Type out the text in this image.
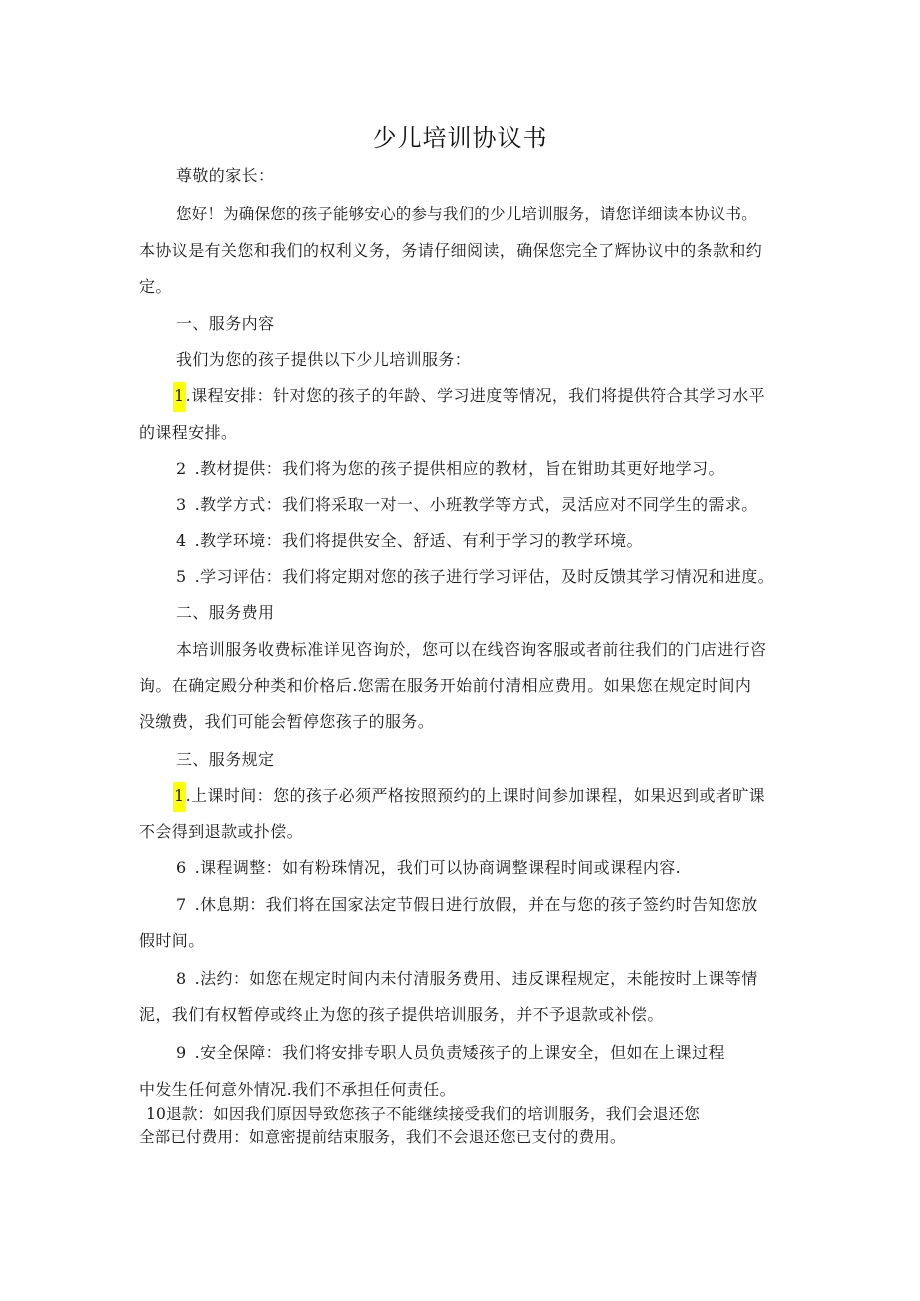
少儿培训协议书
尊敬的家长：
您好！为确保您的孩子能够安心的参与我们的少儿培训服务，请您详细读本协议书。
本协议是有关您和我们的权利义务，务请仔细阅读，确保您完全了辉协议中的条款和约
定。
一、服务内容
我们为您的孩子提供以下少儿培训服务：
1.课程安排：针对您的孩子的年龄、学习进度等情况，我们将提供符合其学习水平
的课程安排。
2 .教材提供：我们将为您的孩子提供相应的教材，旨在钳助其更好地学习。
3 .教学方式：我们将采取一对一、小班教学等方式，灵活应对不同学生的需求。
4 .教学环境：我们将提供安全、舒适、有利于学习的教学环境。
5 .学习评估：我们将定期对您的孩子进行学习评估，及时反馈其学习情况和进度。
二、服务费用
本培训服务收费标准详见咨询於，您可以在线咨询客服或者前往我们的门店进行咨
询。在确定殿分种类和价格后.您需在服务开始前付清相应费用。如果您在规定时间内
没缴费，我们可能会暂停您孩子的服务。
三、服务规定
1.上课时间：您的孩子必须严格按照预约的上课时间参加课程，如果迟到或者旷课
不会得到退款或扑偿。
6 .课程调整：如有粉珠情况，我们可以协商调整课程时间或课程内容.
7 .休息期：我们将在国家法定节假日进行放假，并在与您的孩子签约时告知您放
假时间。
8 .法约：如您在规定时间内未付清服务费用、违反课程规定，未能按时上课等情
泥，我们有权暂停或终止为您的孩子提供培训服务，并不予退款或补偿。
9 .安全保障：我们将安排专职人员负责矮孩子的上课安全，但如在上课过程
中发生任何意外情况.我们不承担任何责任。
10退款：如因我们原因导致您孩子不能继续接受我们的培训服务，我们会退还您
全部已付费用：如意密提前结束服务，我们不会退还您已支付的费用。
